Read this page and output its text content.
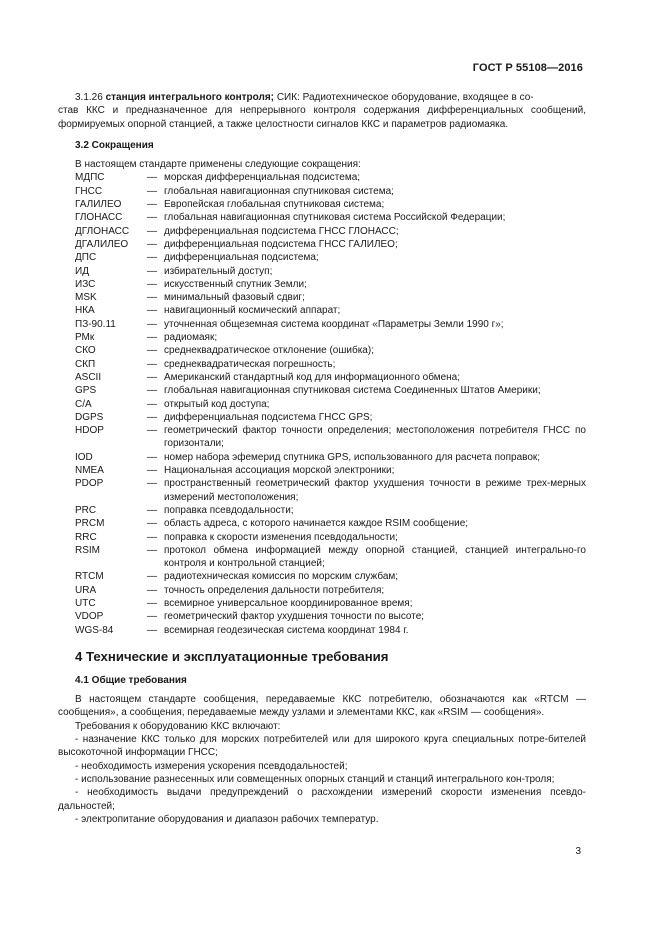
ГОСТ Р 55108—2016

3.1.26 станция интегрального контроля; СИК: Радиотехническое оборудование, входящее в со-
став ККС и предназначенное для непрерывного контроля содержания дифференциальных сообщений, формируемых опорной станцией, а также целостности сигналов ККС и параметров радиомаяка.

3.2 Сокращения

В настоящем стандарте применены следующие сокращения:

МДПС	— морская дифференциальная подсистема;
ГНСС	— глобальная навигационная спутниковая система;
ГАЛИЛЕО	— Европейская глобальная спутниковая система;
ГЛОНАСС	— глобальная навигационная спутниковая система Российской Федерации;
ДГЛОНАСС	— дифференциальная подсистема ГНСС ГЛОНАСС;
ДГАЛИЛЕО	— дифференциальная подсистема ГНСС ГАЛИЛЕО;
ДПС	— дифференциальная подсистема;
ИД	— избирательный доступ;
ИЗС	— искусственный спутник Земли;
MSK	— минимальный фазовый сдвиг;
НКА	— навигационный космический аппарат;
ПЗ-90.11	— уточненная общеземная система координат «Параметры Земли 1990 г»;
РМк	— радиомаяк;
СКО	— среднеквадратическое отклонение (ошибка);
СКП	— среднеквадратическая погрешность;
ASCII	— Американский стандартный код для информационного обмена;
GPS	— глобальная навигационная спутниковая система Соединенных Штатов Америки;
C/A	— открытый код доступа;
DGPS	— дифференциальная подсистема ГНСС GPS;
HDOP	— геометрический фактор точности определения; местоположения потребителя ГНСС по горизонтали;
IOD	— номер набора эфемерид спутника GPS, использованного для расчета поправок;
NMEA	— Национальная ассоциация морской электроники;
PDOP	— пространственный геометрический фактор ухудшения точности в режиме трех-мерных измерений местоположения;
PRC	— поправка псевдодальности;
PRCM	— область адреса, с которого начинается каждое RSIM сообщение;
RRC	— поправка к скорости изменения псевдодальности;
RSIM	— протокол обмена информацией между опорной станцией, станцией интегрально-го контроля и контрольной станцией;
RTCM	— радиотехническая комиссия по морским службам;
URA	— точность определения дальности потребителя;
UTC	— всемирное универсальное координированное время;
VDOP	— геометрический фактор ухудшения точности по высоте;
WGS-84	— всемирная геодезическая система координат 1984 г.

4 Технические и эксплуатационные требования

4.1 Общие требования

В настоящем стандарте сообщения, передаваемые ККС потребителю, обозначаются как «RTCM — сообщения», а сообщения, передаваемые между узлами и элементами ККС, как «RSIM — сообщения».

Требования к оборудованию ККС включают:

- назначение ККС только для морских потребителей или для широкого круга специальных потре-бителей высокоточной информации ГНСС;

- необходимость измерения ускорения псевдодальностей;

- использование разнесенных или совмещенных опорных станций и станций интегрального кон-троля;

- необходимость выдачи предупреждений о расхождении измерений скорости изменения псевдо-дальностей;

- электропитание оборудования и диапазон рабочих температур.

3
